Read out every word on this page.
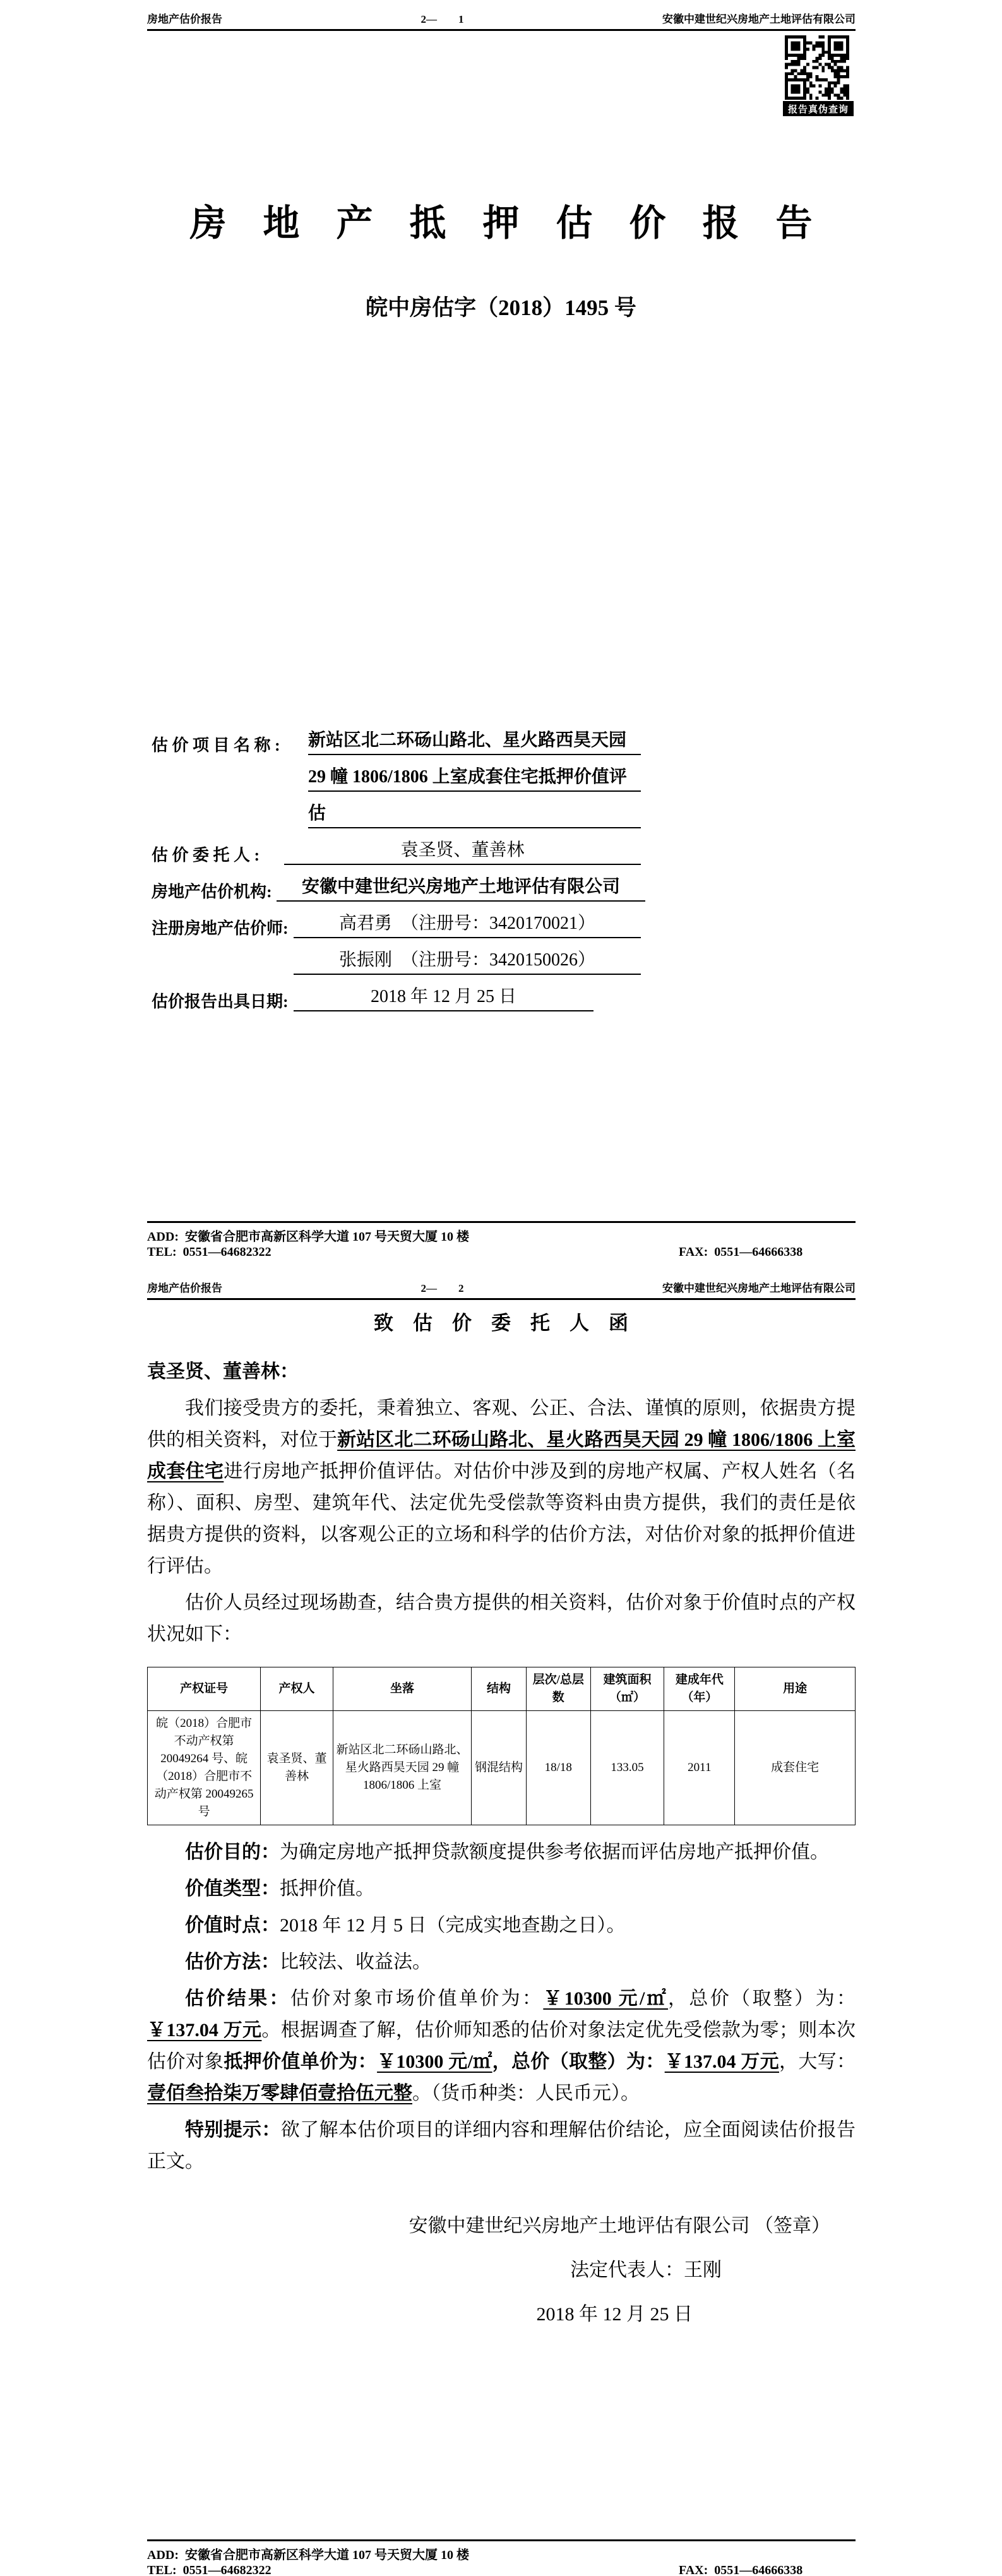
房地产估价报告	2—　　1	安徽中建世纪兴房地产土地评估有限公司
报告真伪查询
房　地　产　抵　押　估　价　报　告
皖中房估字（2018）1495 号
估 价 项 目 名 称 : 新站区北二环砀山路北、星火路西昊天园
29 幢 1806/1806 上室成套住宅抵押价值评
估
估 价 委 托 人 :	袁圣贤、董善林
房地产估价机构:	安徽中建世纪兴房地产土地评估有限公司
注册房地产估价师:	高君勇　（注册号：3420170021）
张振刚　（注册号：3420150026）
估价报告出具日期:	2018 年 12 月 25 日
ADD:  安徽省合肥市高新区科学大道 107 号天贸大厦 10 楼
TEL:  0551—64682322	FAX:  0551—64666338
房地产估价报告	2—　　2	安徽中建世纪兴房地产土地评估有限公司
致　估　价　委　托　人　函
袁圣贤、董善林：

我们接受贵方的委托，秉着独立、客观、公正、合法、谨慎的原则，依据贵方提供的相关资料，对位于新站区北二环砀山路北、星火路西昊天园 29 幢 1806/1806 上室成套住宅进行房地产抵押价值评估。对估价中涉及到的房地产权属、产权人姓名（名称）、面积、房型、建筑年代、法定优先受偿款等资料由贵方提供，我们的责任是依据贵方提供的资料，以客观公正的立场和科学的估价方法，对估价对象的抵押价值进行评估。

估价人员经过现场勘查，结合贵方提供的相关资料，估价对象于价值时点的产权状况如下：

产权证号	产权人	坐落	结构	层次/总层数	建筑面积（㎡）	建成年代（年）	用途
皖（2018）合肥市不动产权第 20049264 号、皖（2018）合肥市不动产权第 20049265 号	袁圣贤、董善林	新站区北二环砀山路北、星火路西昊天园 29 幢 1806/1806 上室	钢混结构	18/18	133.05	2011	成套住宅

估价目的：为确定房地产抵押贷款额度提供参考依据而评估房地产抵押价值。

价值类型：抵押价值。

价值时点：2018 年 12 月 5 日（完成实地查勘之日）。

估价方法：比较法、收益法。

估价结果：估价对象市场价值单价为：￥10300 元/㎡，总价（取整）为：￥137.04 万元。根据调查了解，估价师知悉的估价对象法定优先受偿款为零；则本次估价对象抵押价值单价为：￥10300 元/㎡，总价（取整）为：￥137.04 万元，大写：壹佰叁拾柒万零肆佰壹拾伍元整。（货币种类：人民币元）。

特别提示：欲了解本估价项目的详细内容和理解估价结论，应全面阅读估价报告正文。

安徽中建世纪兴房地产土地评估有限公司 （签章）
法定代表人：王刚
2018 年 12 月 25 日
ADD:  安徽省合肥市高新区科学大道 107 号天贸大厦 10 楼
TEL:  0551—64682322	FAX:  0551—64666338
